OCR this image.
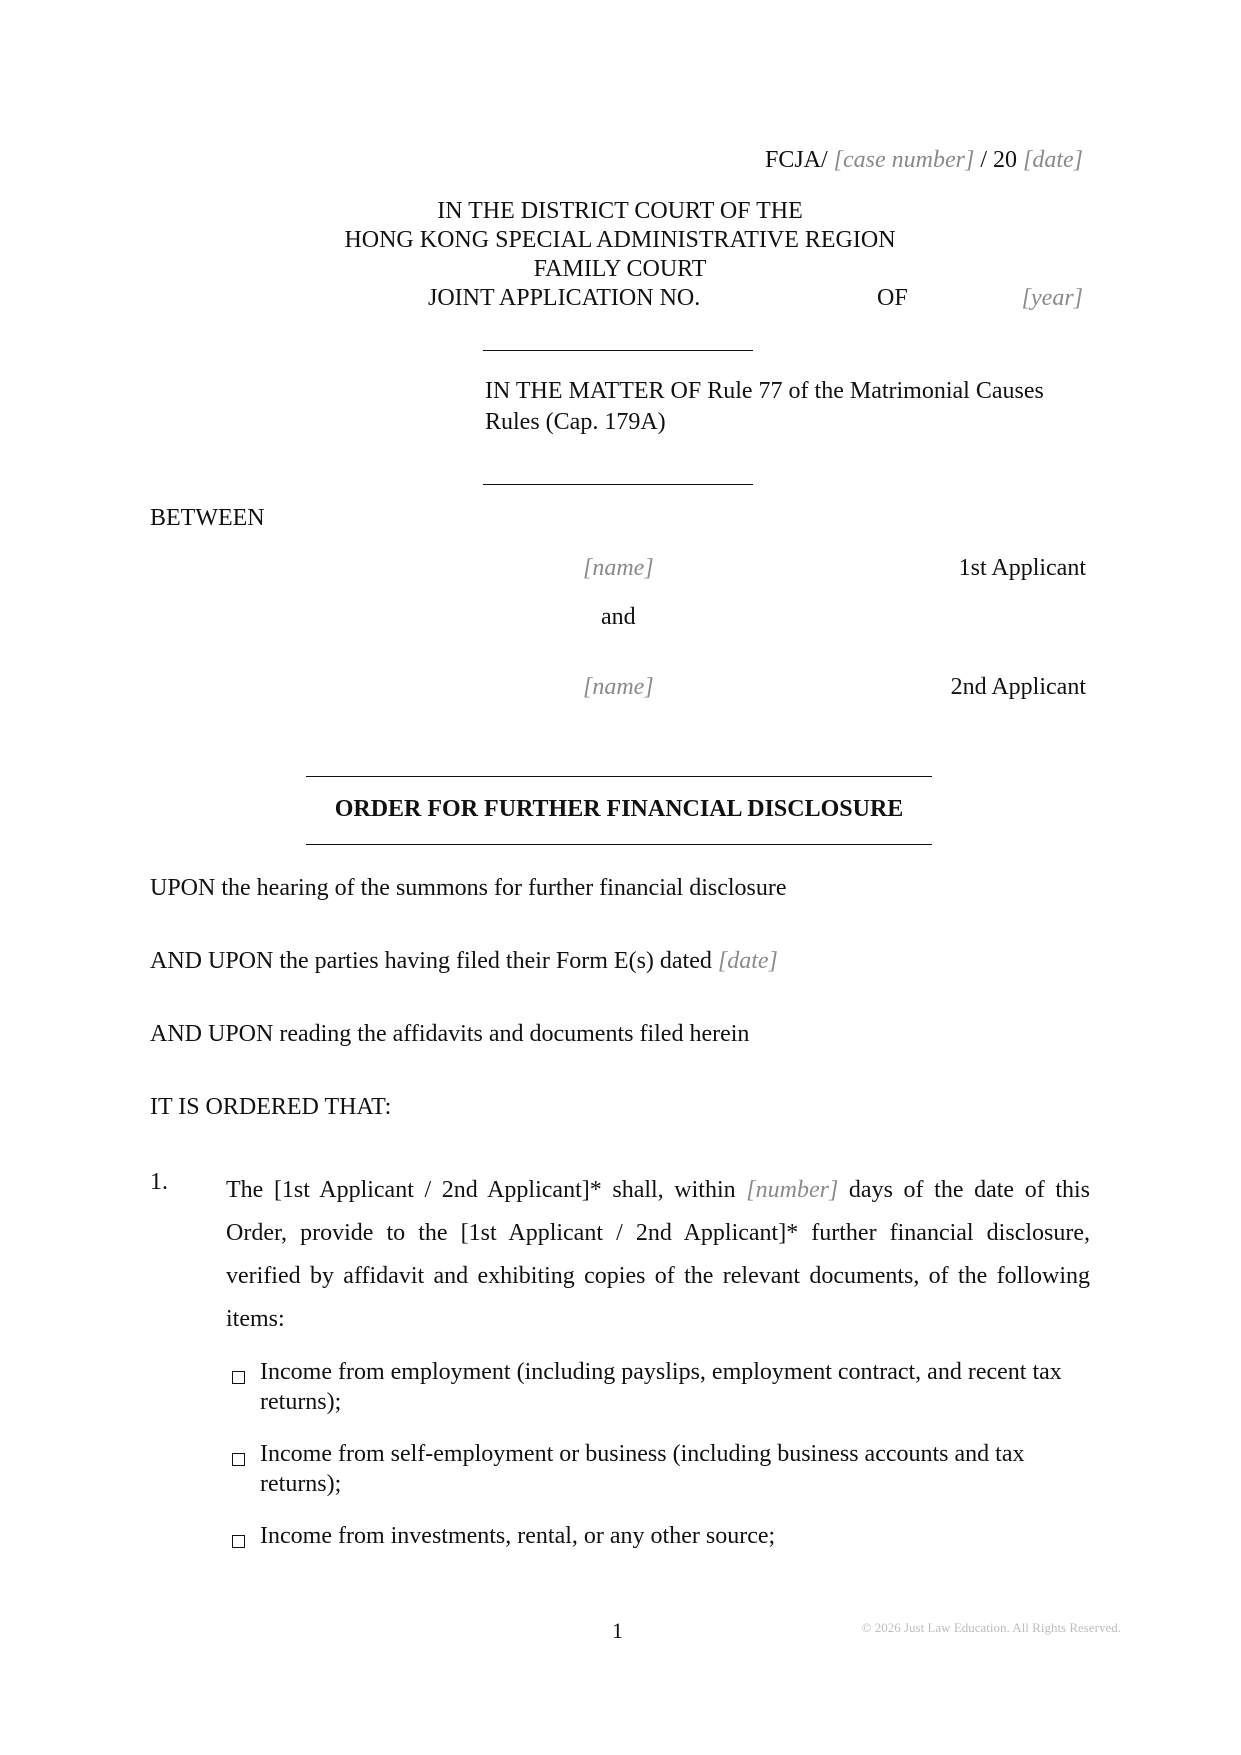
FCJA/ [case number] / 20 [date]
IN THE DISTRICT COURT OF THE
HONG KONG SPECIAL ADMINISTRATIVE REGION
FAMILY COURT
JOINT APPLICATION NO.	OF	[year]
IN THE MATTER OF Rule 77 of the Matrimonial Causes Rules (Cap. 179A)
BETWEEN
[name]	1st Applicant
and
[name]	2nd Applicant
ORDER FOR FURTHER FINANCIAL DISCLOSURE
UPON the hearing of the summons for further financial disclosure
AND UPON the parties having filed their Form E(s) dated [date]
AND UPON reading the affidavits and documents filed herein
IT IS ORDERED THAT:
1. The [1st Applicant / 2nd Applicant]* shall, within [number] days of the date of this Order, provide to the [1st Applicant / 2nd Applicant]* further financial disclosure, verified by affidavit and exhibiting copies of the relevant documents, of the following items:
Income from employment (including payslips, employment contract, and recent tax returns);
Income from self-employment or business (including business accounts and tax returns);
Income from investments, rental, or any other source;
1	© 2026 Just Law Education. All Rights Reserved.
